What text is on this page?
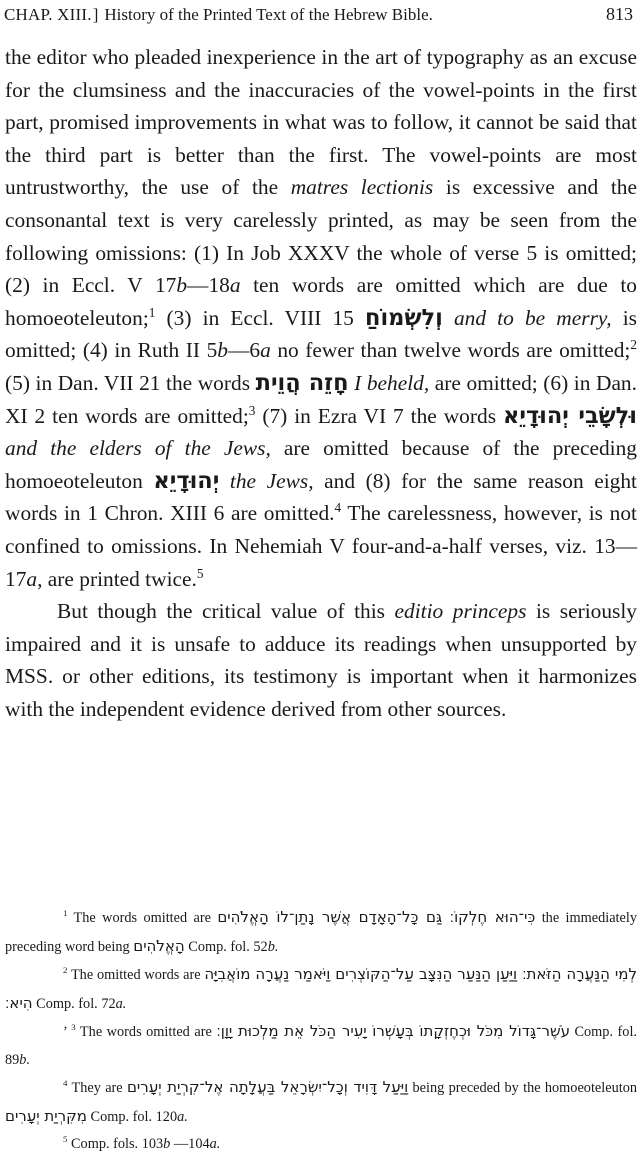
CHAP. XIII. ] History of the Printed Text of the Hebrew Bible.	813

the editor who pleaded inexperience in the art of typography as an excuse for the clumsiness and the inaccuracies of the vowel-points in the first part, promised improvements in what was to follow, it cannot be said that the third part is better than the first. The vowel-points are most untrustworthy, the use of the matres lectionis is excessive and the consonantal text is very carelessly printed, as may be seen from the following omissions: (1) In Job XXXV the whole of verse 5 is omitted; (2) in Eccl. V 17b—18a ten words are omitted which are due to homoeoteleuton;$^1$ (3) in Eccl. VIII 15 וְלִשְׂמוֹחַ and to be merry, is omitted; (4) in Ruth II 5b—6a no fewer than twelve words are omitted;$^2$ (5) in Dan. VII 21 the words חָזֵה הֲוֵית I beheld, are omitted; (6) in Dan. XI 2 ten words are omitted;$^3$ (7) in Ezra VI 7 the words וּלְשָׂבֵי יְהוּדָיֵא and the elders of the Jews, are omitted because of the preceding homoeoteleuton יְהוּדָיֵא the Jews, and (8) for the same reason eight words in 1 Chron. XIII 6 are omitted.$^4$ The carelessness, however, is not confined to omissions. In Nehemiah V four-and-a-half verses, viz. 13—17a, are printed twice.$^5$

But though the critical value of this editio princeps is seriously impaired and it is unsafe to adduce its readings when unsupported by MSS. or other editions, its testimony is important when it harmonizes with the independent evidence derived from other sources.

$^1$ The words omitted are כִּי־הוּא חֶלְקוֹ׃ גַּם כָּל־הָאָדָם אֲשֶׁר נָתַן־לוֹ הָאֱלֹהִים the immediately preceding word being הָאֱלֹהִים Comp. fol. 52b.

$^2$ The omitted words are לְמִי הַנַּעֲרָה הַזֹּאת׃ וַיַּעַן הַנַּעַר הַנִּצָּב עַל־הַקּוֹצְרִים וַיֹּאמַר נַעֲרָה מוֹאֲבִיָּה הִיא׃ Comp. fol. 72a.

’ $^3$ The words omitted are עֹשֶׁר־גָּדוֹל מִכֹּל וּכְחֶזְקָתוֹ בְּעָשְׁרוֹ יָעִיר הַכֹּל אֵת מַלְכוּת יָוָן׃ Comp. fol. 89b.

$^4$ They are וַיַּעַל דָּוִיד וְכָל־יִשְׂרָאֵל בַּעֲלָתָה אֶל־קִרְיַת יְעָרִים being preceded by the homoeoteleuton מִקִּרְיַת יְעָרִים Comp. fol. 120a.

$^5$ Comp. fols. 103b —104a.
